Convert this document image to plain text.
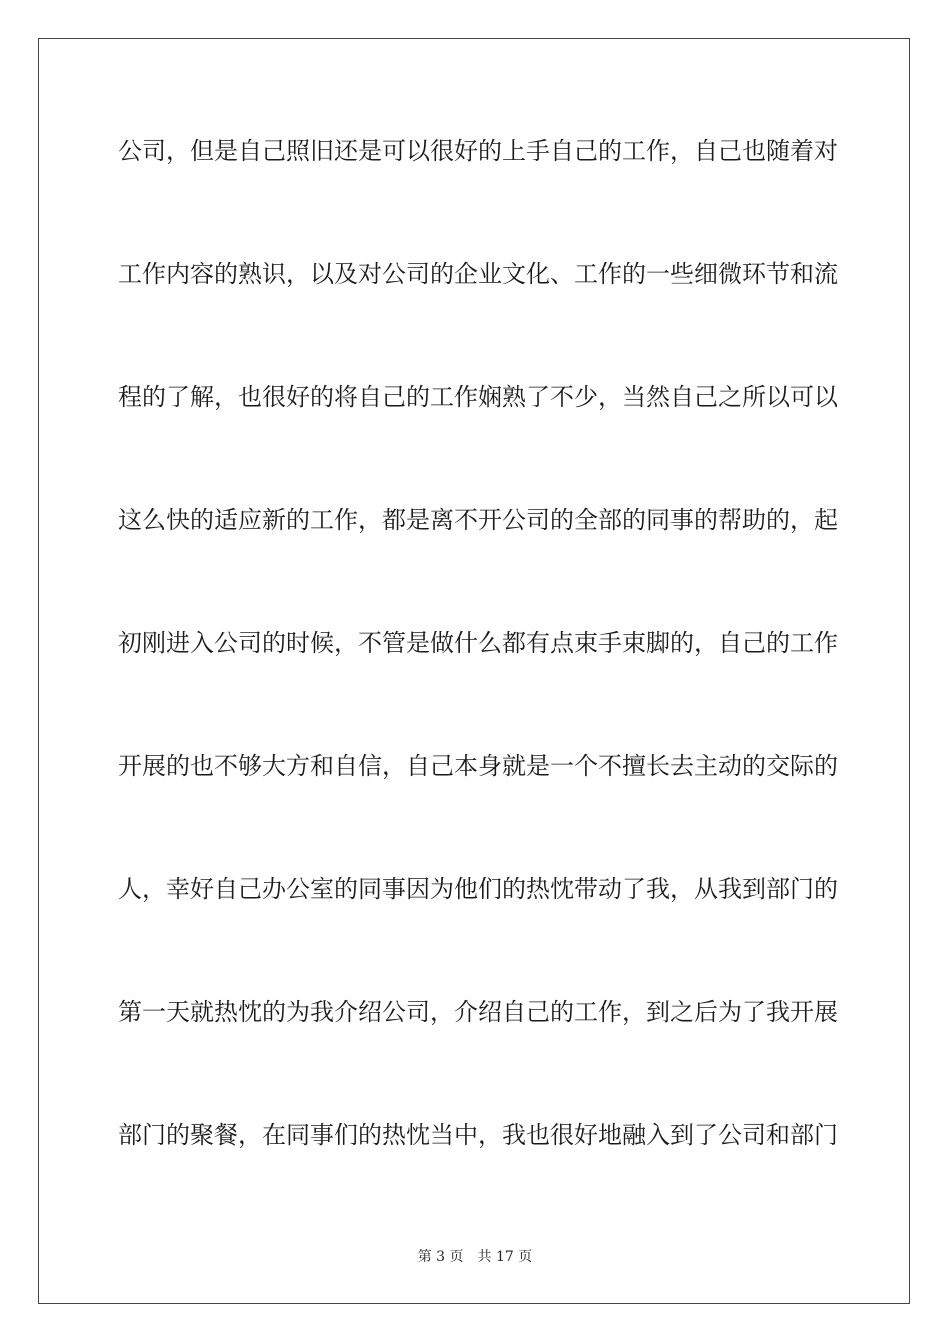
公司，但是自己照旧还是可以很好的上手自己的工作，自己也随着对
工作内容的熟识，以及对公司的企业文化、工作的一些细微环节和流
程的了解，也很好的将自己的工作娴熟了不少，当然自己之所以可以
这么快的适应新的工作，都是离不开公司的全部的同事的帮助的，起
初刚进入公司的时候，不管是做什么都有点束手束脚的，自己的工作
开展的也不够大方和自信，自己本身就是一个不擅长去主动的交际的
人，幸好自己办公室的同事因为他们的热忱带动了我，从我到部门的
第一天就热忱的为我介绍公司，介绍自己的工作，到之后为了我开展
部门的聚餐，在同事们的热忱当中，我也很好地融入到了公司和部门
第 3 页 共 17 页
